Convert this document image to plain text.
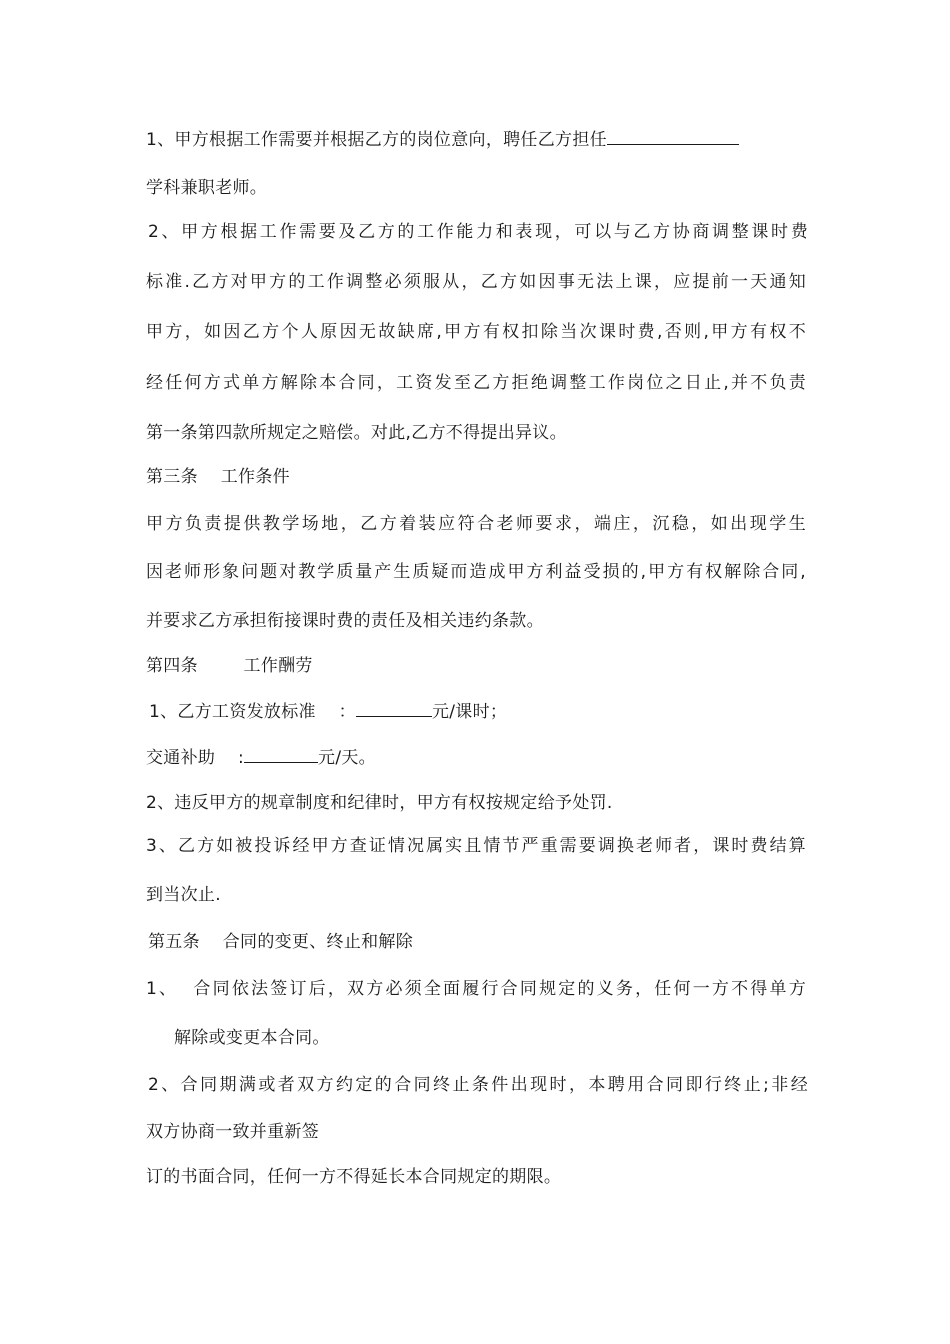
1、甲方根据工作需要并根据乙方的岗位意向，聘任乙方担任
学科兼职老师。
2、甲方根据工作需要及乙方的工作能力和表现，可以与乙方协商调整课时费
标准.乙方对甲方的工作调整必须服从，乙方如因事无法上课，应提前一天通知
甲方，如因乙方个人原因无故缺席,甲方有权扣除当次课时费,否则,甲方有权不
经任何方式单方解除本合同，工资发至乙方拒绝调整工作岗位之日止,并不负责
第一条第四款所规定之赔偿。对此,乙方不得提出异议。
第三条    工作条件
甲方负责提供教学场地，乙方着装应符合老师要求，端庄，沉稳，如出现学生
因老师形象问题对教学质量产生质疑而造成甲方利益受损的,甲方有权解除合同,
并要求乙方承担衔接课时费的责任及相关违约条款。
第四条        工作酬劳
1、乙方工资发放标准    ：	元/课时；
交通补助    :	元/天。
2、违反甲方的规章制度和纪律时，甲方有权按规定给予处罚.
3、乙方如被投诉经甲方查证情况属实且情节严重需要调换老师者，课时费结算
到当次止.
第五条    合同的变更、终止和解除
1、  合同依法签订后，双方必须全面履行合同规定的义务，任何一方不得单方
解除或变更本合同。
2、合同期满或者双方约定的合同终止条件出现时，本聘用合同即行终止;非经
双方协商一致并重新签
订的书面合同，任何一方不得延长本合同规定的期限。
